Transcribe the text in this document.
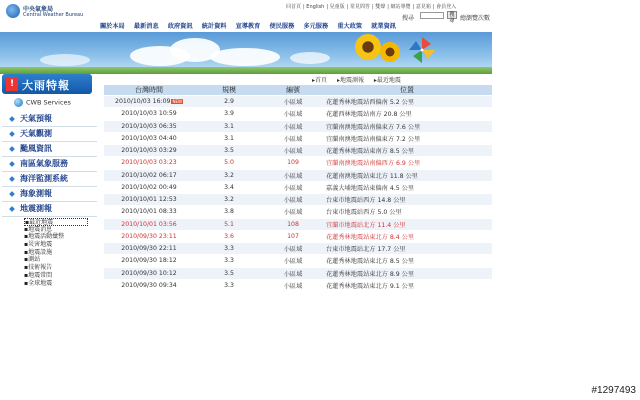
中央氣象局
Central Weather Bureau
回首頁 | English | 兒童版 | 常見問答 | 雙聲 | 網站導覽 | 意見箱 | 會員登入
搜尋	搜尋 總瀏覽次數
關於本局 最新消息 政府資訊 統計資料 宣導教育 便民服務 多元服務 重大政策 就業資訊
▸首頁 ▸地震測報 ▸最近地震
! 大雨特報
CWB Services
天氣預報
天氣觀測
颱風資訊
南區氣象服務
海洋監測系統
海象測報
地震測報
▪最近地震
▪地震消息
▪地震活動彙整
▪災害地震
▪地震設施
▪測站
▪技術報告
▪地震常問
▪全球地震
台灣時間	規模	編號	位置
2010/10/03 16:09 NEW	2.9	小區域	花蓮秀林地震站西偏南 5.2 公里
2010/10/03 10:59	3.9	小區域	花蓮西林地震站南方 20.8 公里
2010/10/03 06:35	3.1	小區域	宜蘭南澳地震站南偏東方 7.6 公里
2010/10/03 04:40	3.1	小區域	宜蘭南澳地震站南偏東方 7.2 公里
2010/10/03 03:29	3.5	小區域	花蓮秀林地震站東南方 8.5 公里
2010/10/03 03:23	5.0	109	宜蘭南澳地震站南偏西方 6.9 公里
2010/10/02 06:17	3.2	小區域	花蓮南澳地震站東北方 11.8 公里
2010/10/02 00:49	3.4	小區域	嘉義大埔地震站東偏南 4.5 公里
2010/10/01 12:53	3.2	小區域	台東市地震站西方 14.8 公里
2010/10/01 08:33	3.8	小區域	台東市地震站西方 5.0 公里
2010/10/01 03:56	5.1	108	宜蘭市地震站北方 11.4 公里
2010/09/30 23:11	3.6	107	花蓮秀林地震站東北方 8.4 公里
2010/09/30 22:11	3.3	小區域	台東市地震站北方 17.7 公里
2010/09/30 18:12	3.3	小區域	花蓮秀林地震站東北方 8.5 公里
2010/09/30 10:12	3.5	小區域	花蓮秀林地震站東北方 8.9 公里
2010/09/30 09:34	3.3	小區域	花蓮秀林地震站東北方 9.1 公里
#1297493
